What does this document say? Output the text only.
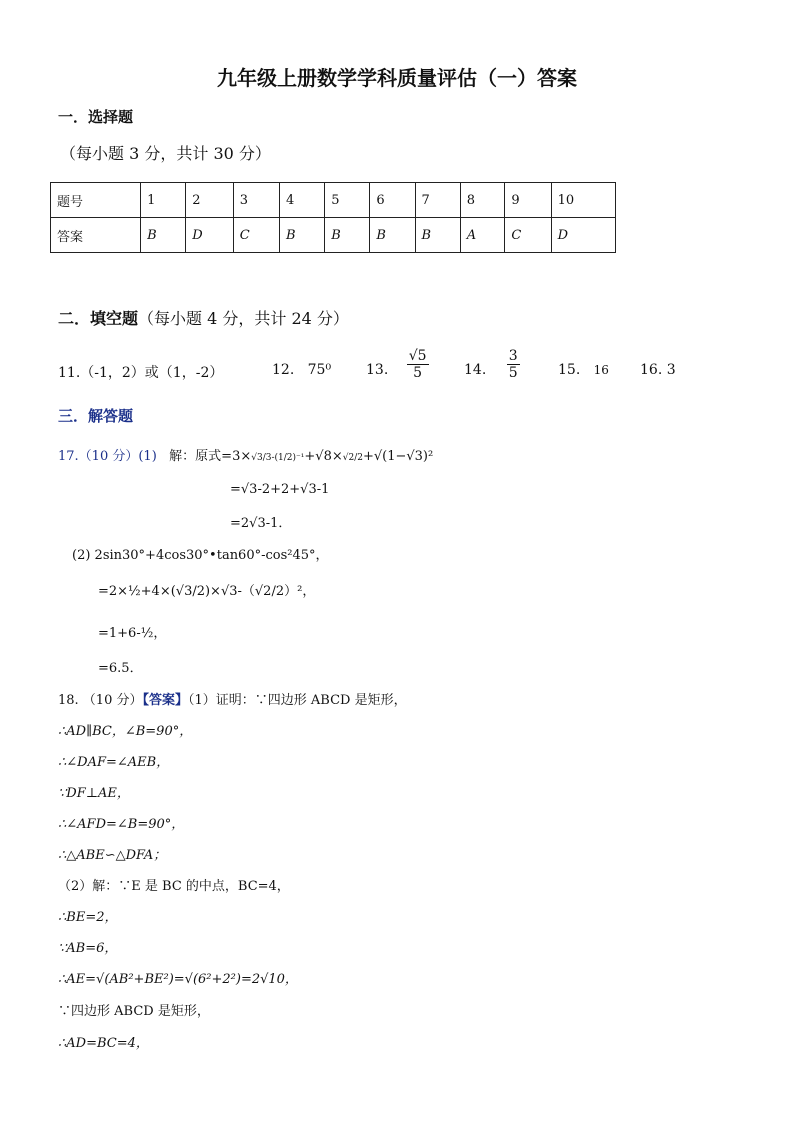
九年级上册数学学科质量评估（一）答案
一．选择题
（每小题 3 分，共计 30 分）
题号	1	2	3	4	5	6	7	8	9	10
答案	B	D	C	B	B	B	B	A	C	D
二．填空题（每小题 4 分，共计 24 分）
11.（-1，2）或（1，-2）	12. 75⁰ 13. $\frac{√5}{5}$	14. $\frac{3}{5}$	15. 16 16. 3
三．解答题
17.（10 分）(1) 解：原式=3×√3/3-(1/2)⁻¹+√8×√2/2+√(1−√3)²
=√3-2+2+√3-1
=2√3-1．
(2) 2sin30°+4cos30°•tan60°-cos²45°，
=2×½+4×(√3/2)×√3-（√2/2）²，
=1+6-½，
=6.5．
18. （10 分）【答案】（1）证明：∵四边形 ABCD 是矩形，
∴AD∥BC，∠B=90°，
∴∠DAF=∠AEB，
∵DF⊥AE，
∴∠AFD=∠B=90°，
∴△ABE∽△DFA；
（2）解：∵E 是 BC 的中点，BC=4，
∴BE=2，
∵AB=6，
∴AE=√(AB²+BE²)=√(6²+2²)=2√10，
∵四边形 ABCD 是矩形，
∴AD=BC=4，
